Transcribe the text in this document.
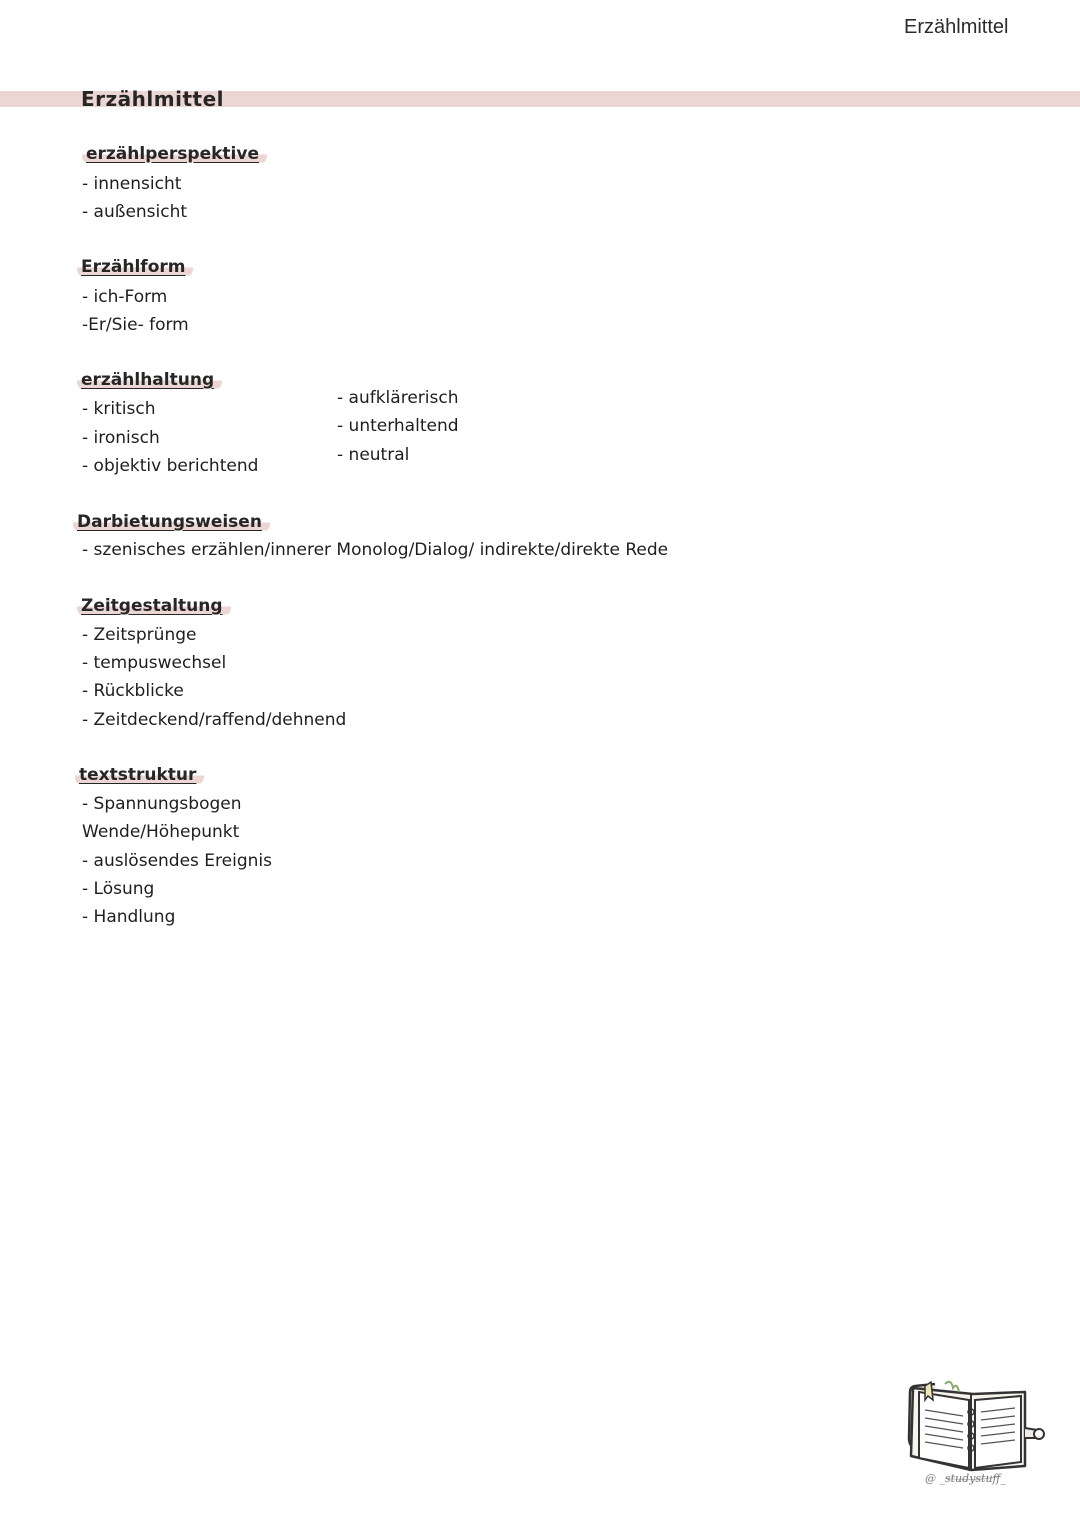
Erzählmittel
Erzählmittel
erzählperspektive
- innensicht
- außensicht
Erzählform
- ich-Form
-Er/Sie- form
erzählhaltung
- kritisch
- ironisch
- objektiv berichtend
- aufklärerisch
- unterhaltend
- neutral
Darbietungsweisen
- szenisches erzählen/innerer Monolog/Dialog/ indirekte/direkte Rede
Zeitgestaltung
- Zeitsprünge
- tempuswechsel
- Rückblicke
- Zeitdeckend/raffend/dehnend
textstruktur
- Spannungsbogen
Wende/Höhepunkt
- auslösendes Ereignis
- Lösung
- Handlung
@ _studystuff_
